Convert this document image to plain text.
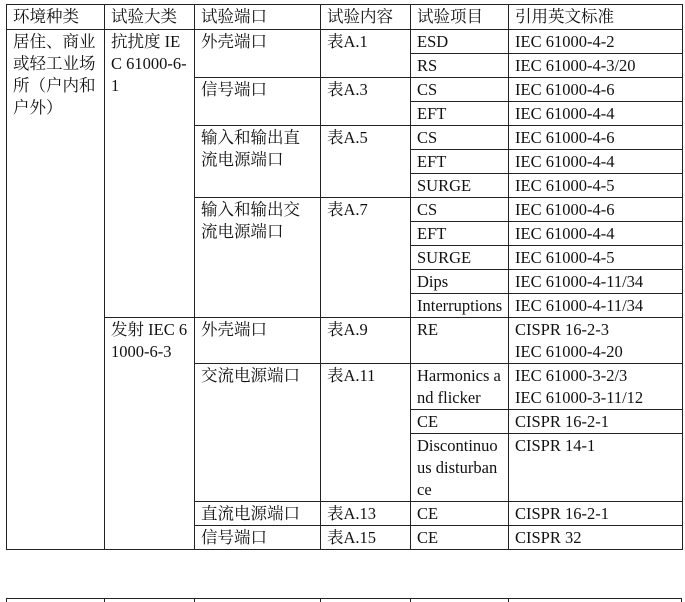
环境种类	试验大类	试验端口	试验内容	试验项目	引用英文标准
居住、商业或轻工业场所（户内和户外）	抗扰度 IEC 61000-6-1	外壳端口	表A.1	ESD	IEC 61000-4-2

				RS	IEC 61000-4-3/20

		信号端口	表A.3	CS	IEC 61000-4-6

				EFT	IEC 61000-4-4

		输入和输出直流电源端口	表A.5	CS	IEC 61000-4-6

				EFT	IEC 61000-4-4

				SURGE	IEC 61000-4-5

		输入和输出交流电源端口	表A.7	CS	IEC 61000-4-6

				EFT	IEC 61000-4-4

				SURGE	IEC 61000-4-5

				Dips	IEC 61000-4-11/34

				Interruptions	IEC 61000-4-11/34

	发射 IEC 61000-6-3	外壳端口	表A.9	RE	CISPR 16-2-3
IEC 61000-4-20

		交流电源端口	表A.11	Harmonics and flicker	IEC 61000-3-2/3
IEC 61000-3-11/12

				CE	CISPR 16-2-1

				Discontinuous disturbance	CISPR 14-1

		直流电源端口	表A.13	CE	CISPR 16-2-1

		信号端口	表A.15	CE	CISPR 32
